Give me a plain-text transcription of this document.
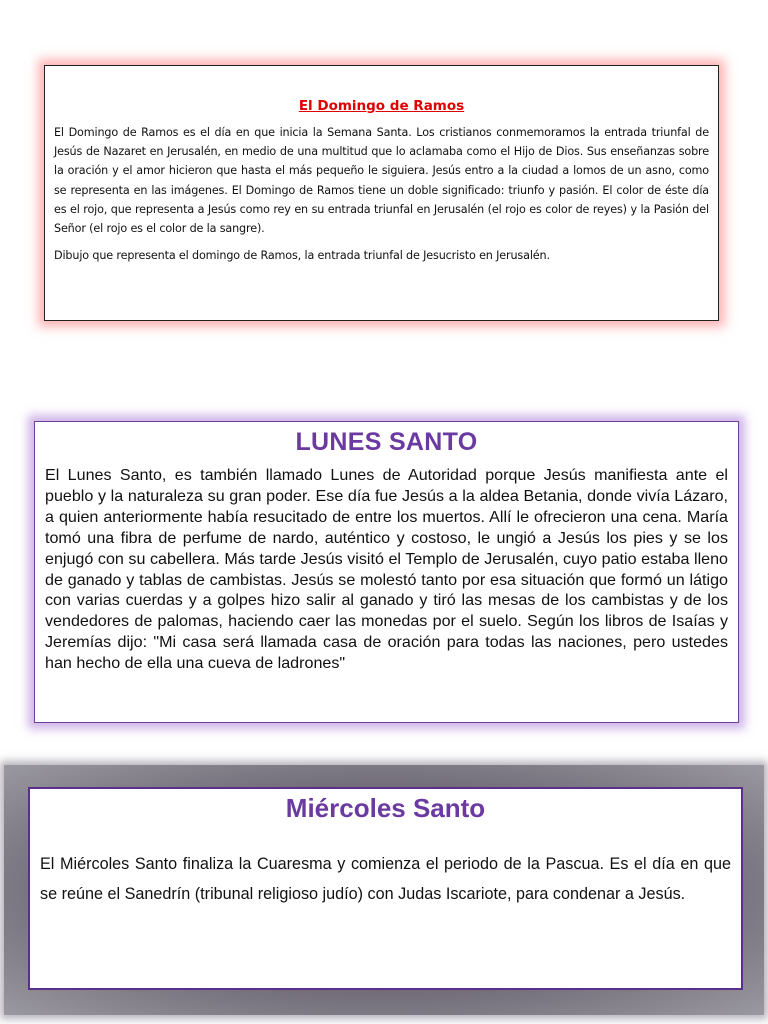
El Domingo de Ramos

El Domingo de Ramos es el día en que inicia la Semana Santa. Los cristianos conmemoramos la entrada triunfal de Jesús de Nazaret en Jerusalén, en medio de una multitud que lo aclamaba como el Hijo de Dios. Sus enseñanzas sobre la oración y el amor hicieron que hasta el más pequeño le siguiera. Jesús entro a la ciudad a lomos de un asno, como se representa en las imágenes. El Domingo de Ramos tiene un doble significado: triunfo y pasión. El color de éste día es el rojo, que representa a Jesús como rey en su entrada triunfal en Jerusalén (el rojo es color de reyes) y la Pasión del Señor (el rojo es el color de la sangre).

Dibujo que representa el domingo de Ramos, la entrada triunfal de Jesucristo en Jerusalén.

LUNES SANTO

El Lunes Santo, es también llamado Lunes de Autoridad porque Jesús manifiesta ante el pueblo y la naturaleza su gran poder. Ese día fue Jesús a la aldea Betania, donde vivía Lázaro, a quien anteriormente había resucitado de entre los muertos. Allí le ofrecieron una cena. María tomó una fibra de perfume de nardo, auténtico y costoso, le ungió a Jesús los pies y se los enjugó con su cabellera. Más tarde Jesús visitó el Templo de Jerusalén, cuyo patio estaba lleno de ganado y tablas de cambistas. Jesús se molestó tanto por esa situación que formó un látigo con varias cuerdas y a golpes hizo salir al ganado y tiró las mesas de los cambistas y de los vendedores de palomas, haciendo caer las monedas por el suelo. Según los libros de Isaías y Jeremías dijo: "Mi casa será llamada casa de oración para todas las naciones, pero ustedes han hecho de ella una cueva de ladrones"

Miércoles Santo

El Miércoles Santo finaliza la Cuaresma y comienza el periodo de la Pascua. Es el día en que se reúne el Sanedrín (tribunal religioso judío) con Judas Iscariote, para condenar a Jesús.
